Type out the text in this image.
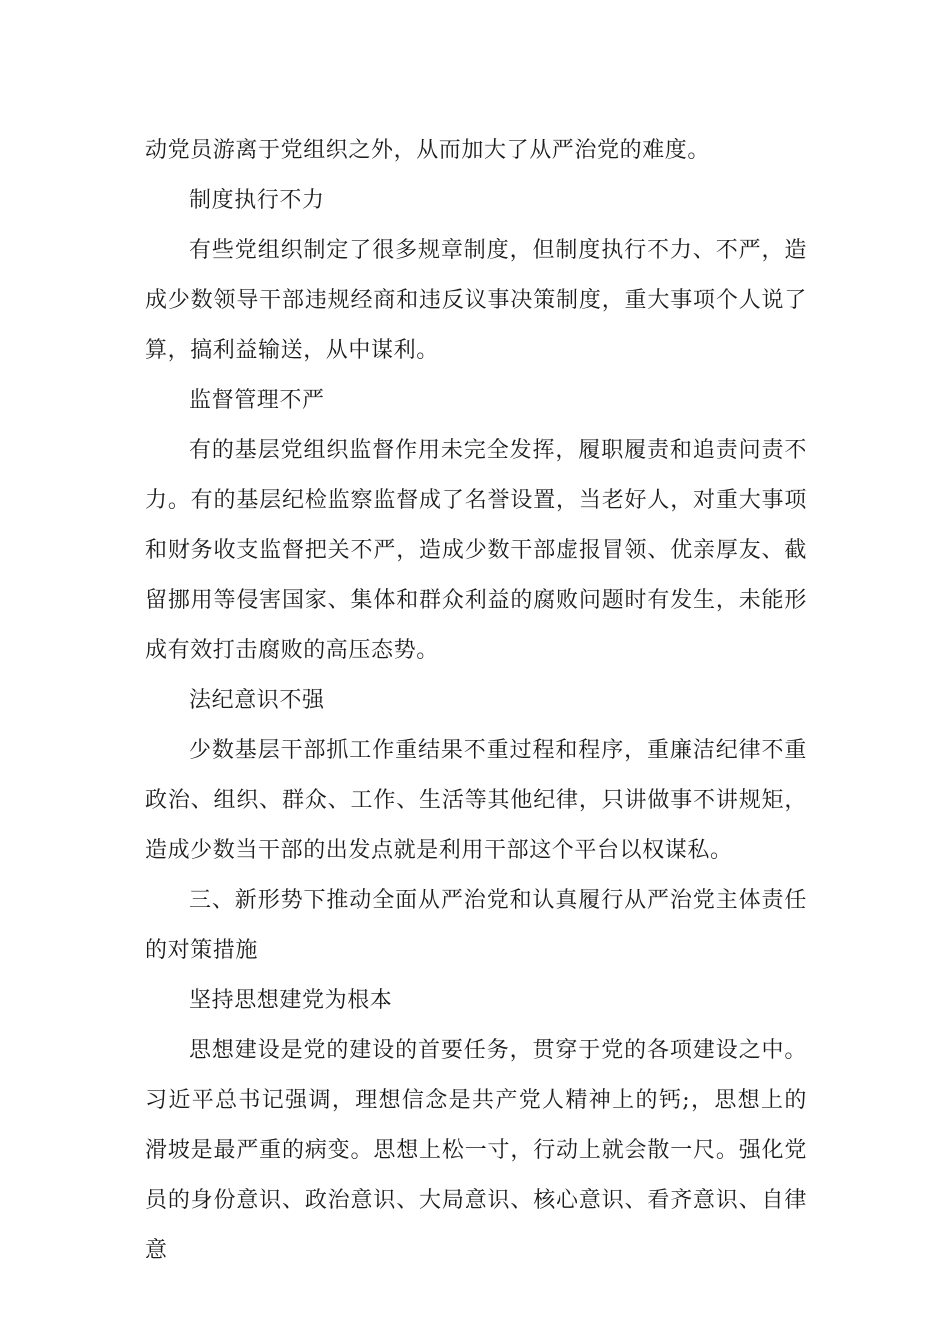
动党员游离于党组织之外，从而加大了从严治党的难度。

制度执行不力

有些党组织制定了很多规章制度，但制度执行不力、不严，造成少数领导干部违规经商和违反议事决策制度，重大事项个人说了算，搞利益输送，从中谋利。

监督管理不严

有的基层党组织监督作用未完全发挥，履职履责和追责问责不力。有的基层纪检监察监督成了名誉设置，当老好人，对重大事项和财务收支监督把关不严，造成少数干部虚报冒领、优亲厚友、截留挪用等侵害国家、集体和群众利益的腐败问题时有发生，未能形成有效打击腐败的高压态势。

法纪意识不强

少数基层干部抓工作重结果不重过程和程序，重廉洁纪律不重政治、组织、群众、工作、生活等其他纪律，只讲做事不讲规矩，造成少数当干部的出发点就是利用干部这个平台以权谋私。

三、新形势下推动全面从严治党和认真履行从严治党主体责任的对策措施

坚持思想建党为根本

思想建设是党的建设的首要任务，贯穿于党的各项建设之中。习近平总书记强调，理想信念是共产党人精神上的钙;，思想上的滑坡是最严重的病变。思想上松一寸，行动上就会散一尺。强化党员的身份意识、政治意识、大局意识、核心意识、看齐意识、自律意
